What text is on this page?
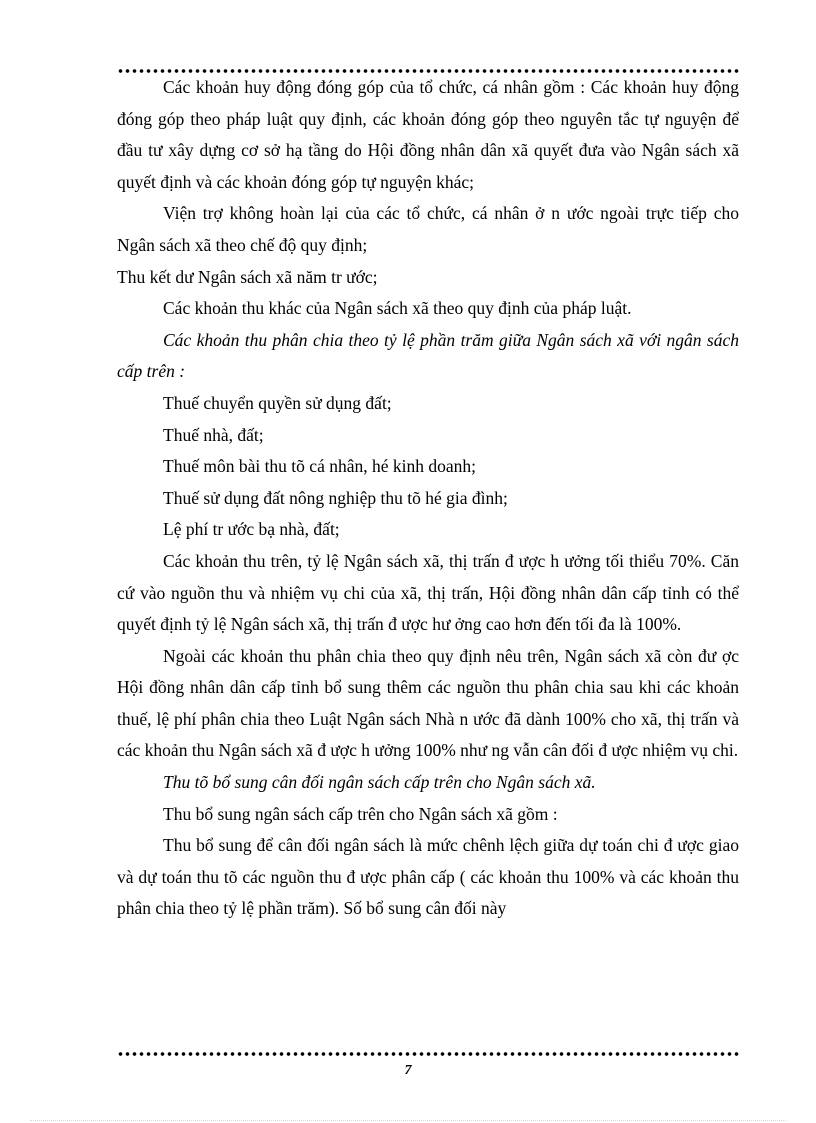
Các khoản huy động đóng góp của tổ chức, cá nhân gồm : Các khoản huy động đóng góp theo pháp luật quy định, các khoản đóng góp theo nguyên tắc tự nguyện để đầu tư xây dựng cơ sở hạ tầng do Hội đồng nhân dân xã quyết đưa vào Ngân sách xã quyết định và các khoản đóng góp tự nguyện khác;

Viện trợ không hoàn lại của các tổ chức, cá nhân ở n ước ngoài trực tiếp cho Ngân sách xã theo chế độ quy định;

Thu kết dư Ngân sách xã năm tr ước;

Các khoản thu khác của Ngân sách xã theo quy định của pháp luật.

Các khoản thu phân chia theo tỷ lệ phần trăm giữa Ngân sách xã với ngân sách cấp trên :

Thuế chuyển quyền sử dụng đất;

Thuế nhà, đất;

Thuế môn bài thu tõ cá nhân, hé kinh doanh;

Thuế sử dụng đất nông nghiệp thu tõ hé gia đình;

Lệ phí tr ước bạ nhà, đất;

Các khoản thu trên, tỷ lệ Ngân sách xã, thị trấn đ ược h ưởng tối thiểu 70%. Căn cứ vào nguồn thu và nhiệm vụ chi của xã, thị trấn, Hội đồng nhân dân cấp tỉnh có thể quyết định tỷ lệ Ngân sách xã, thị trấn đ ược hư ởng cao hơn đến tối đa là 100%.

Ngoài các khoản thu phân chia theo quy định nêu trên, Ngân sách xã còn đư ợc Hội đồng nhân dân cấp tỉnh bổ sung thêm các nguồn thu phân chia sau khi các khoản thuế, lệ phí phân chia theo Luật Ngân sách Nhà n ước đã dành 100% cho xã, thị trấn và các khoản thu Ngân sách xã đ ược h ưởng 100% như ng vẫn cân đối đ ược nhiệm vụ chi.

Thu tõ bổ sung cân đối ngân sách cấp trên cho Ngân sách xã.

Thu bổ sung ngân sách cấp trên cho Ngân sách xã gồm :

Thu bổ sung để cân đối ngân sách là mức chênh lệch giữa dự toán chi đ ược giao và dự toán thu tõ các nguồn thu đ ược phân cấp ( các khoản thu 100% và các khoản thu phân chia theo tỷ lệ phần trăm). Số bổ sung cân đối này

7
